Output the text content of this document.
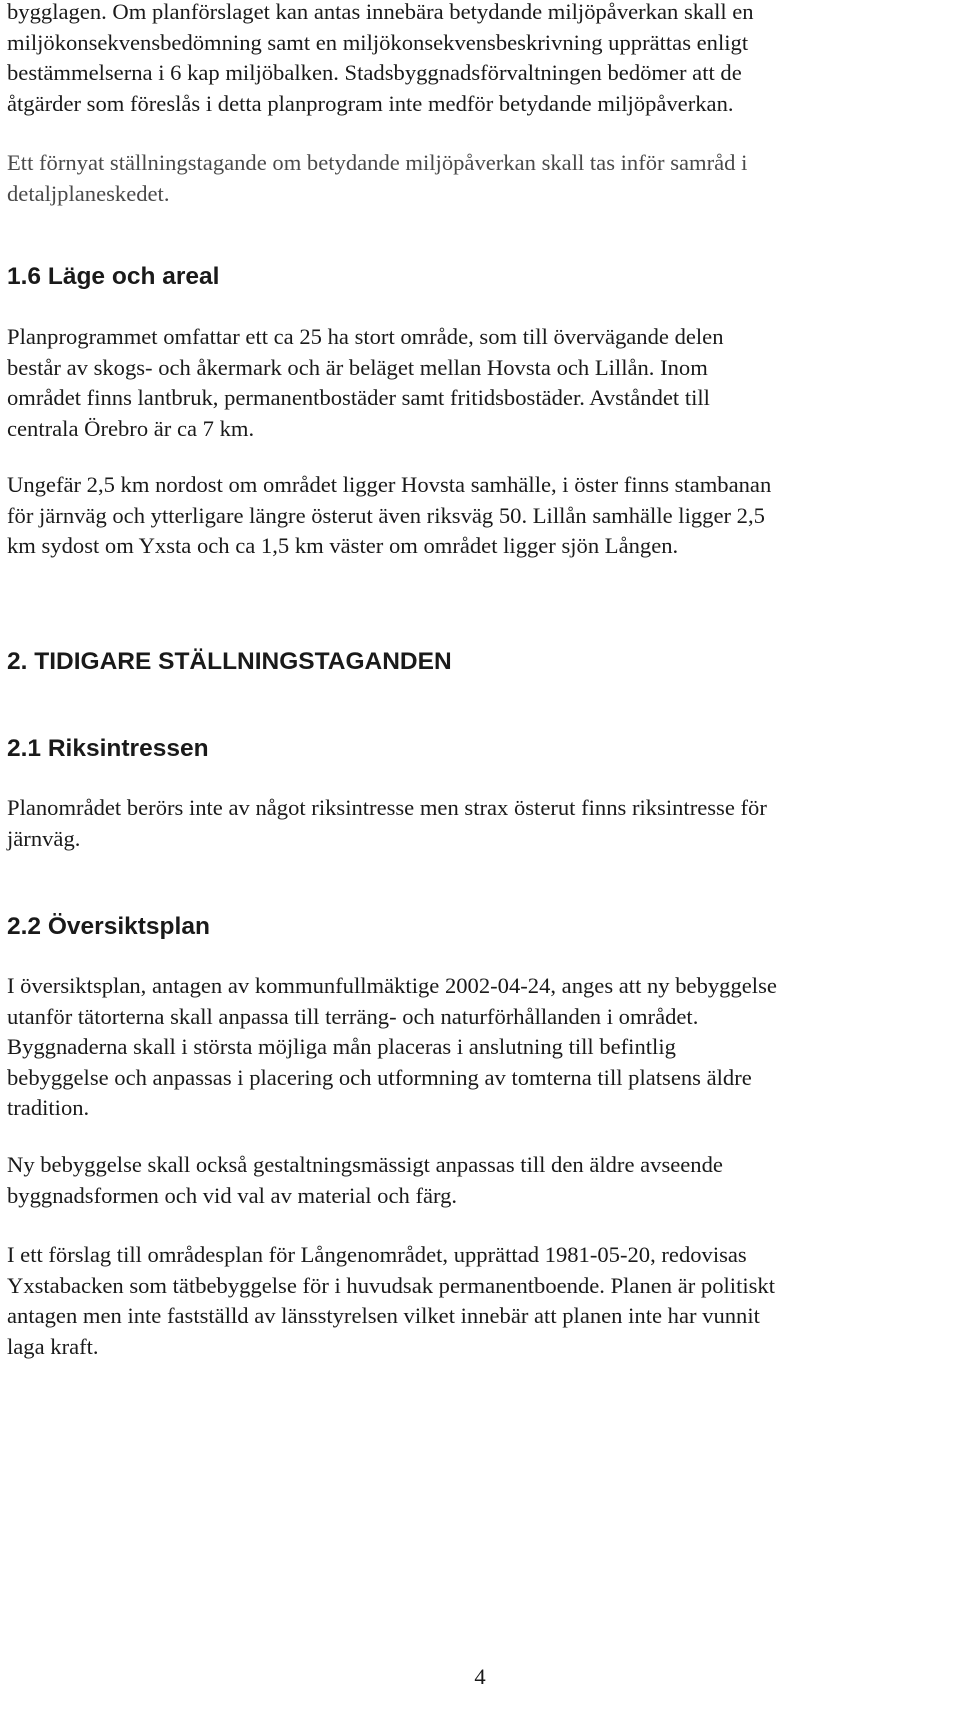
bygglagen. Om planförslaget kan antas innebära betydande miljöpåverkan skall en
miljökonsekvensbedömning samt en miljökonsekvensbeskrivning upprättas enligt
bestämmelserna i 6 kap miljöbalken. Stadsbyggnadsförvaltningen bedömer att de
åtgärder som föreslås i detta planprogram inte medför betydande miljöpåverkan.

Ett förnyat ställningstagande om betydande miljöpåverkan skall tas inför samråd i
detaljplaneskedet.

1.6 Läge och areal

Planprogrammet omfattar ett ca 25 ha stort område, som till övervägande delen
består av skogs- och åkermark och är beläget mellan Hovsta och Lillån. Inom
området finns lantbruk, permanentbostäder samt fritidsbostäder. Avståndet till
centrala Örebro är ca 7 km.

Ungefär 2,5 km nordost om området ligger Hovsta samhälle, i öster finns stambanan
för järnväg och ytterligare längre österut även riksväg 50. Lillån samhälle ligger 2,5
km sydost om Yxsta och ca 1,5 km väster om området ligger sjön Lången.

2. TIDIGARE STÄLLNINGSTAGANDEN
2.1 Riksintressen

Planområdet berörs inte av något riksintresse men strax österut finns riksintresse för
järnväg.

2.2 Översiktsplan

I översiktsplan, antagen av kommunfullmäktige 2002-04-24, anges att ny bebyggelse
utanför tätorterna skall anpassa till terräng- och naturförhållanden i området.
Byggnaderna skall i största möjliga mån placeras i anslutning till befintlig
bebyggelse och anpassas i placering och utformning av tomterna till platsens äldre
tradition.

Ny bebyggelse skall också gestaltningsmässigt anpassas till den äldre avseende
byggnadsformen och vid val av material och färg.

I ett förslag till områdesplan för Långenområdet, upprättad 1981-05-20, redovisas
Yxstabacken som tätbebyggelse för i huvudsak permanentboende. Planen är politiskt
antagen men inte fastställd av länsstyrelsen vilket innebär att planen inte har vunnit
laga kraft.

4
